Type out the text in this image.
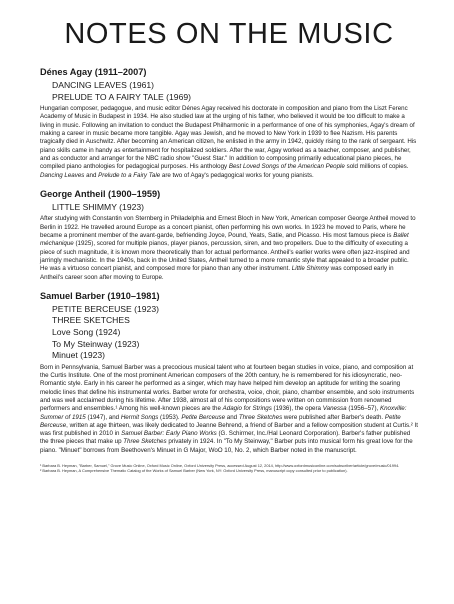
NOTES ON THE MUSIC
Dénes Agay (1911–2007)
DANCING LEAVES (1961)
PRELUDE TO A FAIRY TALE (1969)

Hungarian composer, pedagogue, and music editor Dénes Agay received his doctorate in composition and piano from the Liszt Ferenc Academy of Music in Budapest in 1934. He also studied law at the urging of his father, who believed it would be too difficult to make a living in music. Following an invitation to conduct the Budapest Philharmonic in a performance of one of his symphonies, Agay's dream of making a career in music became more tangible. Agay was Jewish, and he moved to New York in 1939 to flee Nazism. His parents tragically died in Auschwitz. After becoming an American citizen, he enlisted in the army in 1942, quickly rising to the rank of sergeant. His piano skills came in handy as entertainment for hospitalized soldiers. After the war, Agay worked as a teacher, composer, and publisher, and as conductor and arranger for the NBC radio show "Guest Star." In addition to composing primarily educational piano pieces, he compiled piano anthologies for pedagogical purposes. His anthology Best Loved Songs of the American People sold millions of copies. Dancing Leaves and Prelude to a Fairy Tale are two of Agay's pedagogical works for young pianists.

George Antheil (1900–1959)
LITTLE SHIMMY (1923)

After studying with Constantin von Sternberg in Philadelphia and Ernest Bloch in New York, American composer George Antheil moved to Berlin in 1922. He travelled around Europe as a concert pianist, often performing his own works. In 1923 he moved to Paris, where he became a prominent member of the avant-garde, befriending Joyce, Pound, Yeats, Satie, and Picasso. His most famous piece is Ballet méchanique (1925), scored for multiple pianos, player pianos, percussion, siren, and two propellers. Due to the difficulty of executing a piece of such magnitude, it is known more theoretically than for actual performance. Antheil's earlier works were often jazz-inspired and jarringly mechanistic. In the 1940s, back in the United States, Antheil turned to a more romantic style that appealed to a broader public. He was a virtuoso concert pianist, and composed more for piano than any other instrument. Little Shimmy was composed early in Antheil's career soon after moving to Europe.

Samuel Barber (1910–1981)
PETITE BERCEUSE (1923)
THREE SKETCHES
Love Song (1924)
To My Steinway (1923)
Minuet (1923)

Born in Pennsylvania, Samuel Barber was a precocious musical talent who at fourteen began studies in voice, piano, and composition at the Curtis Institute. One of the most prominent American composers of the 20th century, he is remembered for his idiosyncratic, neo-Romantic style. Early in his career he performed as a singer, which may have helped him develop an aptitude for writing the soaring melodic lines that define his instrumental works. Barber wrote for orchestra, voice, choir, piano, chamber ensemble, and solo instruments and was well acclaimed during his lifetime. After 1938, almost all of his compositions were written on commission from renowned performers and ensembles.¹ Among his well-known pieces are the Adagio for Strings (1936), the opera Vanessa (1956–57), Knoxville: Summer of 1915 (1947), and Hermit Songs (1953). Petite Berceuse and Three Sketches were published after Barber's death. Petite Berceuse, written at age thirteen, was likely dedicated to Jeanne Behrend, a friend of Barber and a fellow composition student at Curtis.² It was first published in 2010 in Samuel Barber: Early Piano Works (G. Schirmer, Inc./Hal Leonard Corporation). Barber's father published the three pieces that make up Three Sketches privately in 1924. In "To My Steinway," Barber puts into musical form his great love for the piano. "Minuet" borrows from Beethoven's Minuet in G Major, WoO 10, No. 2, which Barber noted in the manuscript.

¹ Barbara B. Heyman, "Barber, Samuel," Grove Music Online, Oxford Music Online, Oxford University Press, accessed August 12, 2014, http://www.oxfordmusiconline.com/subscriber/article/grove/music/01994.
² Barbara B. Heyman, A Comprehensive Thematic Catalog of the Works of Samuel Barber (New York, NY: Oxford University Press, manuscript copy consulted prior to publication).
